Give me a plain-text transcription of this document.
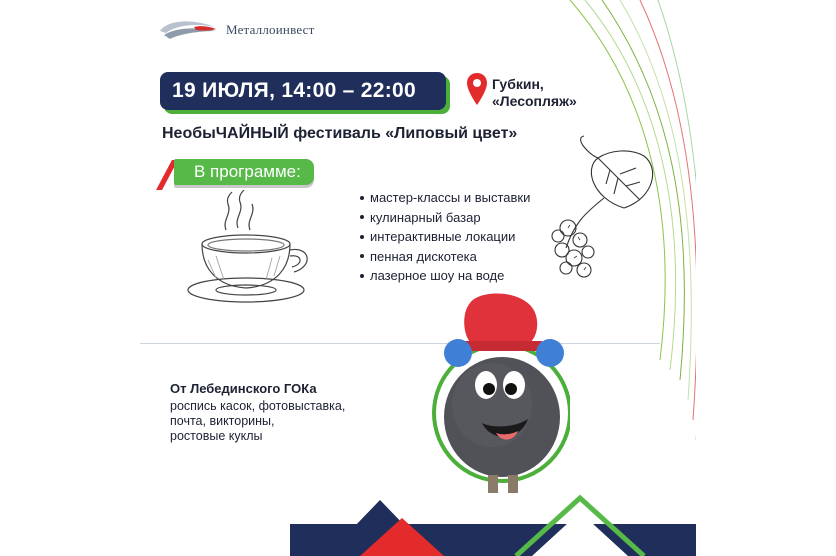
Металлоинвест
19 ИЮЛЯ, 14:00 – 22:00	Губкин,
«Лесопляж»
НеобыЧАЙНЫЙ фестиваль «Липовый цвет»
В программе:
мастер-классы и выставки
кулинарный базар
интерактивные локации
пенная дискотека
лазерное шоу на воде
От Лебединского ГОКа
роспись касок, фотовыставка,
почта, викторины,
ростовые куклы
